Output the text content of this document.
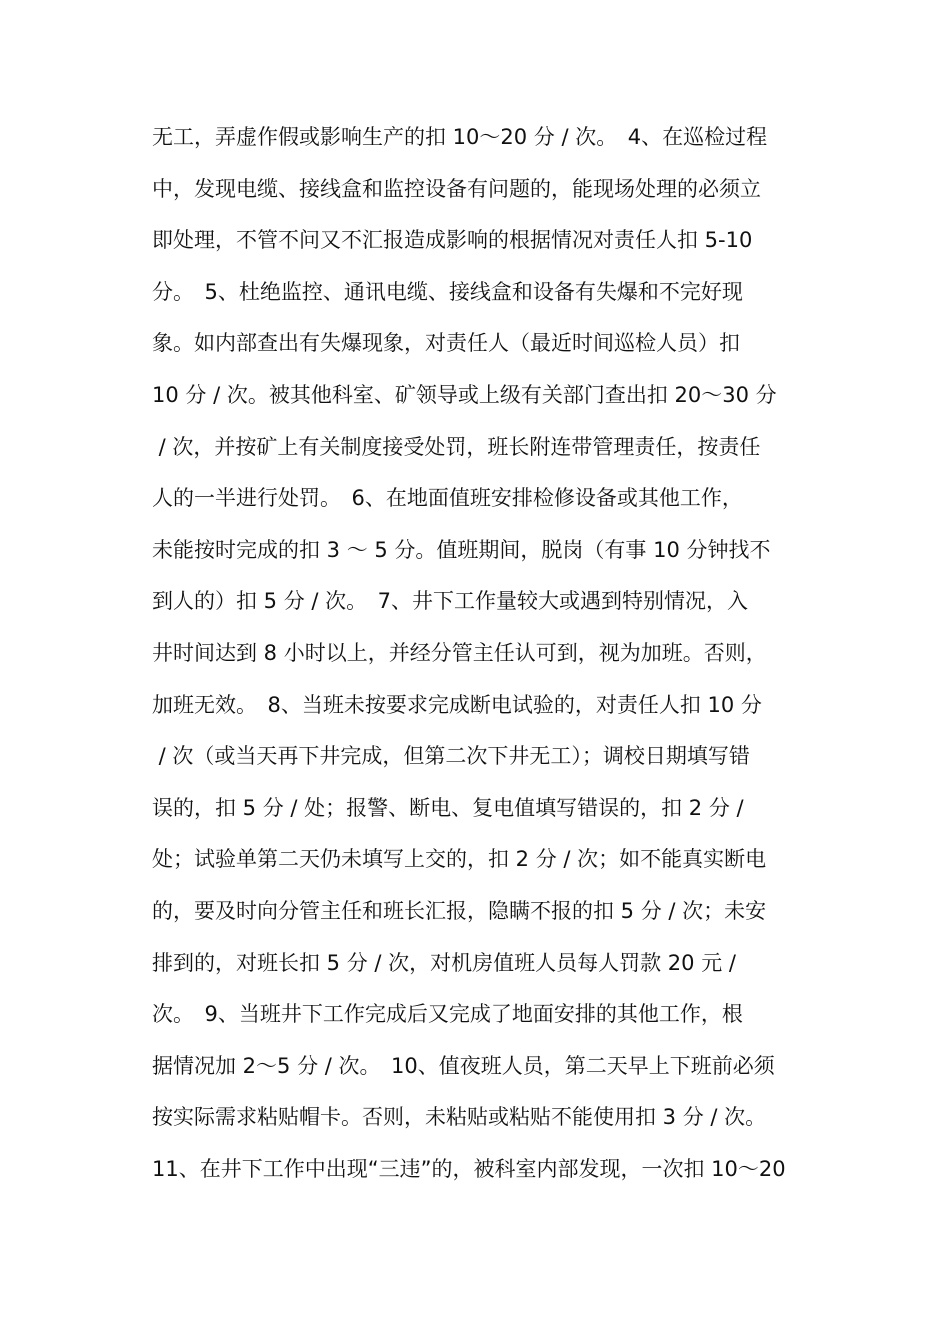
无工，弄虚作假或影响生产的扣 10～20 分 / 次。　4、在巡检过程
中，发现电缆、接线盒和监控设备有问题的，能现场处理的必须立
即处理，不管不问又不汇报造成影响的根据情况对责任人扣 5-10
分。　5、杜绝监控、通讯电缆、接线盒和设备有失爆和不完好现
象。如内部查出有失爆现象，对责任人（最近时间巡检人员）扣
10 分 / 次。被其他科室、矿领导或上级有关部门查出扣 20～30 分
/ 次，并按矿上有关制度接受处罚，班长附连带管理责任，按责任
人的一半进行处罚。　6、在地面值班安排检修设备或其他工作，
未能按时完成的扣 3 ～ 5 分。值班期间，脱岗（有事 10 分钟找不
到人的）扣 5 分 / 次。　7、井下工作量较大或遇到特别情况，入
井时间达到 8 小时以上，并经分管主任认可到，视为加班。否则，
加班无效。　8、当班未按要求完成断电试验的，对责任人扣 10 分
/ 次（或当天再下井完成，但第二次下井无工）；调校日期填写错
误的，扣 5 分 / 处；报警、断电、复电值填写错误的，扣 2 分 /
处；试验单第二天仍未填写上交的，扣 2 分 / 次；如不能真实断电
的，要及时向分管主任和班长汇报，隐瞒不报的扣 5 分 / 次；未安
排到的，对班长扣 5 分 / 次，对机房值班人员每人罚款 20 元 /
次。　9、当班井下工作完成后又完成了地面安排的其他工作，根
据情况加 2～5 分 / 次。　10、值夜班人员，第二天早上下班前必须
按实际需求粘贴帽卡。否则，未粘贴或粘贴不能使用扣 3 分 / 次。
11、在井下工作中出现“三违”的，被科室内部发现，一次扣 10～20
